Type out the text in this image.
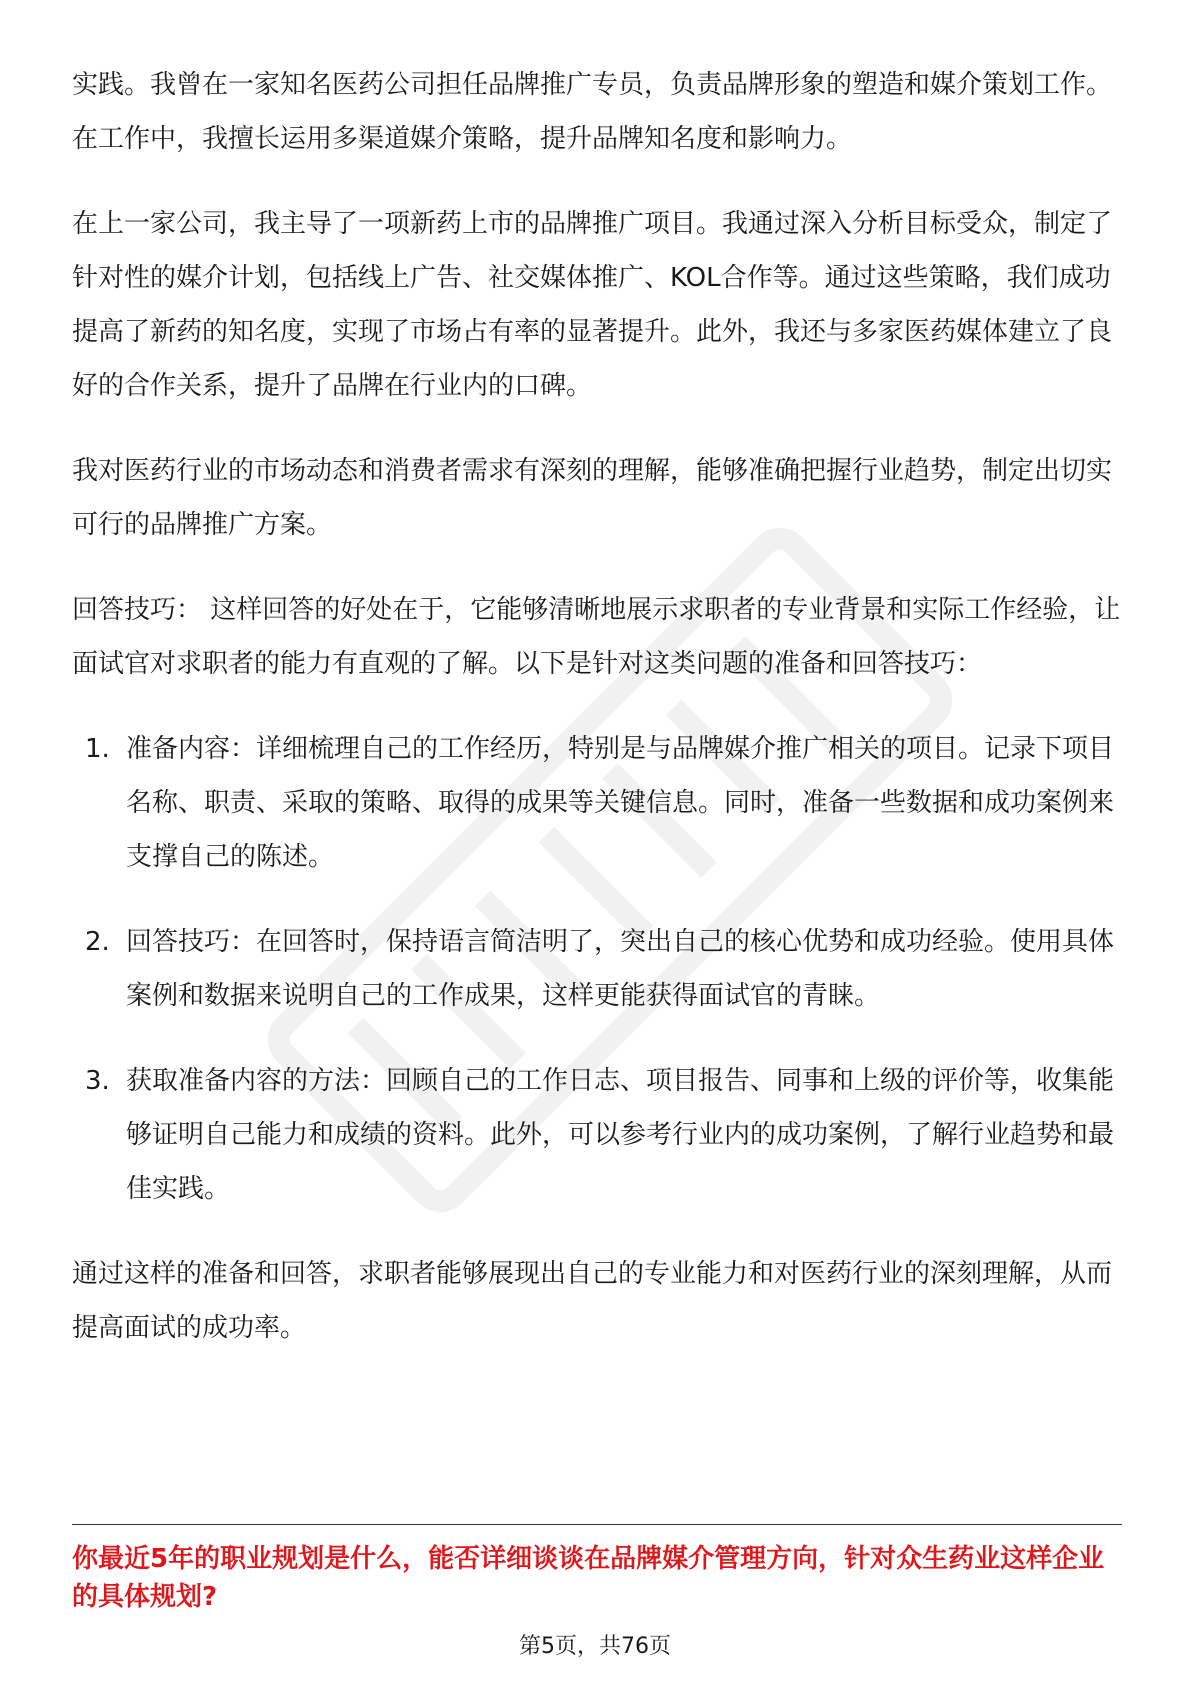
实践。我曾在一家知名医药公司担任品牌推广专员，负责品牌形象的塑造和媒介策划工作。在工作中，我擅长运用多渠道媒介策略，提升品牌知名度和影响力。

在上一家公司，我主导了一项新药上市的品牌推广项目。我通过深入分析目标受众，制定了针对性的媒介计划，包括线上广告、社交媒体推广、KOL合作等。通过这些策略，我们成功提高了新药的知名度，实现了市场占有率的显著提升。此外，我还与多家医药媒体建立了良好的合作关系，提升了品牌在行业内的口碑。

我对医药行业的市场动态和消费者需求有深刻的理解，能够准确把握行业趋势，制定出切实可行的品牌推广方案。

回答技巧： 这样回答的好处在于，它能够清晰地展示求职者的专业背景和实际工作经验，让面试官对求职者的能力有直观的了解。以下是针对这类问题的准备和回答技巧：

1. 准备内容：详细梳理自己的工作经历，特别是与品牌媒介推广相关的项目。记录下项目名称、职责、采取的策略、取得的成果等关键信息。同时，准备一些数据和成功案例来支撑自己的陈述。
2. 回答技巧：在回答时，保持语言简洁明了，突出自己的核心优势和成功经验。使用具体案例和数据来说明自己的工作成果，这样更能获得面试官的青睐。
3. 获取准备内容的方法：回顾自己的工作日志、项目报告、同事和上级的评价等，收集能够证明自己能力和成绩的资料。此外，可以参考行业内的成功案例，了解行业趋势和最佳实践。

通过这样的准备和回答，求职者能够展现出自己的专业能力和对医药行业的深刻理解，从而提高面试的成功率。

你最近5年的职业规划是什么，能否详细谈谈在品牌媒介管理方向，针对众生药业这样企业的具体规划?

第5页，共76页
